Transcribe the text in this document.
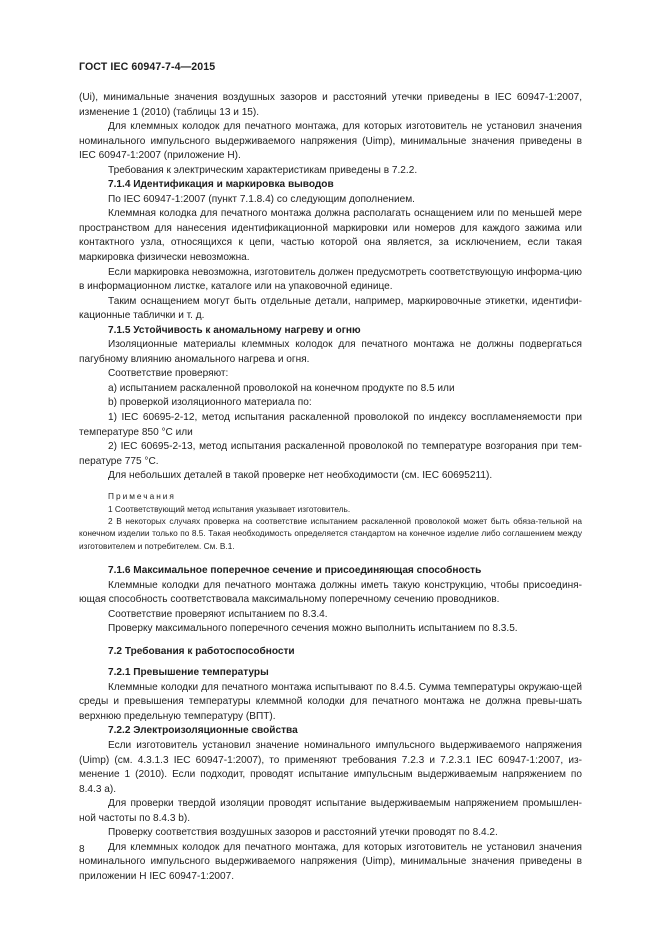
ГОСТ IEC 60947-7-4—2015

(Ui), минимальные значения воздушных зазоров и расстояний утечки приведены в IEC 60947-1:2007, изменение 1 (2010) (таблицы 13 и 15).

Для клеммных колодок для печатного монтажа, для которых изготовитель не установил значения номинального импульсного выдерживаемого напряжения (Uimp), минимальные значения приведены в IEC 60947-1:2007 (приложение H).

Требования к электрическим характеристикам приведены в 7.2.2.

7.1.4 Идентификация и маркировка выводов

По IEC 60947-1:2007 (пункт 7.1.8.4) со следующим дополнением.

Клеммная колодка для печатного монтажа должна располагать оснащением или по меньшей мере пространством для нанесения идентификационной маркировки или номеров для каждого зажима или контактного узла, относящихся к цепи, частью которой она является, за исключением, если такая маркировка физически невозможна.

Если маркировка невозможна, изготовитель должен предусмотреть соответствующую информа-цию в информационном листке, каталоге или на упаковочной единице.

Таким оснащением могут быть отдельные детали, например, маркировочные этикетки, идентифи-кационные таблички и т. д.

7.1.5 Устойчивость к аномальному нагреву и огню

Изоляционные материалы клеммных колодок для печатного монтажа не должны подвергаться пагубному влиянию аномального нагрева и огня.

Соответствие проверяют:

a) испытанием раскаленной проволокой на конечном продукте по 8.5 или

b) проверкой изоляционного материала по:

1) IEC 60695-2-12, метод испытания раскаленной проволокой по индексу воспламеняемости при температуре 850 °C или

2) IEC 60695-2-13, метод испытания раскаленной проволокой по температуре возгорания при тем-пературе 775 °C.

Для небольших деталей в такой проверке нет необходимости (см. IEC 60695211).

Примечания

1 Соответствующий метод испытания указывает изготовитель.

2 В некоторых случаях проверка на соответствие испытанием раскаленной проволокой может быть обяза-тельной на конечном изделии только по 8.5. Такая необходимость определяется стандартом на конечное изделие либо соглашением между изготовителем и потребителем. См. В.1.

7.1.6 Максимальное поперечное сечение и присоединяющая способность

Клеммные колодки для печатного монтажа должны иметь такую конструкцию, чтобы присоединя-ющая способность соответствовала максимальному поперечному сечению проводников.

Соответствие проверяют испытанием по 8.3.4.

Проверку максимального поперечного сечения можно выполнить испытанием по 8.3.5.

7.2 Требования к работоспособности

7.2.1 Превышение температуры

Клеммные колодки для печатного монтажа испытывают по 8.4.5. Сумма температуры окружаю-щей среды и превышения температуры клеммной колодки для печатного монтажа не должна превы-шать верхнюю предельную температуру (ВПТ).

7.2.2 Электроизоляционные свойства

Если изготовитель установил значение номинального импульсного выдерживаемого напряжения (Uimp) (см. 4.3.1.3 IEC 60947-1:2007), то применяют требования 7.2.3 и 7.2.3.1 IEC 60947-1:2007, из-менение 1 (2010). Если подходит, проводят испытание импульсным выдерживаемым напряжением по 8.4.3 a).

Для проверки твердой изоляции проводят испытание выдерживаемым напряжением промышлен-ной частоты по 8.4.3 b).

Проверку соответствия воздушных зазоров и расстояний утечки проводят по 8.4.2.

Для клеммных колодок для печатного монтажа, для которых изготовитель не установил значения номинального импульсного выдерживаемого напряжения (Uimp), минимальные значения приведены в приложении H IEC 60947-1:2007.

8
